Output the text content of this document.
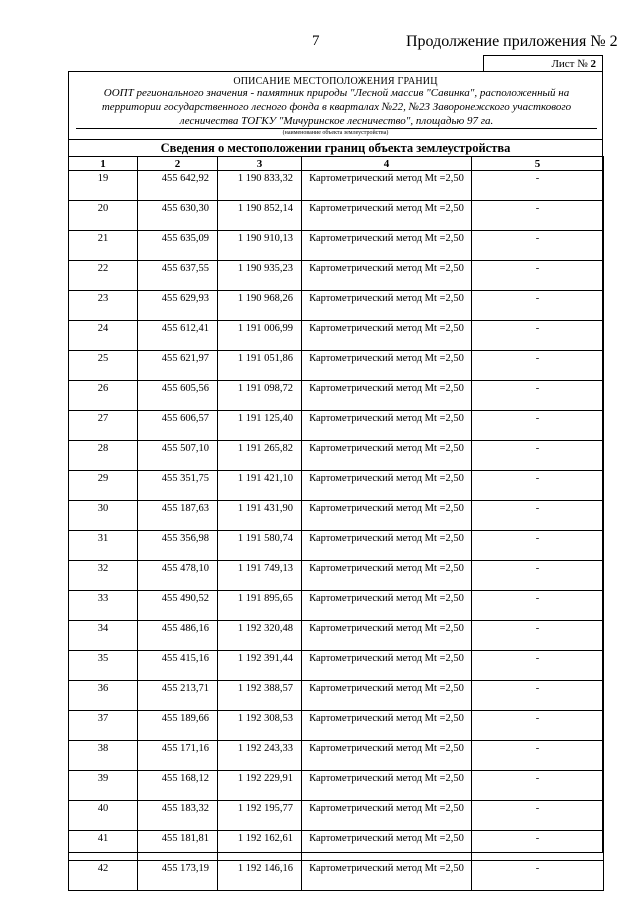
7	Продолжение приложения № 2
Лист № 2
ОПИСАНИЕ МЕСТОПОЛОЖЕНИЯ ГРАНИЦ
ООПТ регионального значения - памятник природы "Лесной массив "Савинка", расположенный на территории государственного лесного фонда в кварталах №22, №23 Заворонежского участкового лесничества ТОГКУ "Мичуринское лесничество", площадью 97 га.
(наименование объекта землеустройства)
Сведения о местоположении границ объекта землеустройства
1	2	3	4	5
19	455 642,92	1 190 833,32	Картометрический метод Mt =2,50	-
20	455 630,30	1 190 852,14	Картометрический метод Mt =2,50	-
21	455 635,09	1 190 910,13	Картометрический метод Mt =2,50	-
22	455 637,55	1 190 935,23	Картометрический метод Mt =2,50	-
23	455 629,93	1 190 968,26	Картометрический метод Mt =2,50	-
24	455 612,41	1 191 006,99	Картометрический метод Mt =2,50	-
25	455 621,97	1 191 051,86	Картометрический метод Mt =2,50	-
26	455 605,56	1 191 098,72	Картометрический метод Mt =2,50	-
27	455 606,57	1 191 125,40	Картометрический метод Mt =2,50	-
28	455 507,10	1 191 265,82	Картометрический метод Mt =2,50	-
29	455 351,75	1 191 421,10	Картометрический метод Mt =2,50	-
30	455 187,63	1 191 431,90	Картометрический метод Mt =2,50	-
31	455 356,98	1 191 580,74	Картометрический метод Mt =2,50	-
32	455 478,10	1 191 749,13	Картометрический метод Mt =2,50	-
33	455 490,52	1 191 895,65	Картометрический метод Mt =2,50	-
34	455 486,16	1 192 320,48	Картометрический метод Mt =2,50	-
35	455 415,16	1 192 391,44	Картометрический метод Mt =2,50	-
36	455 213,71	1 192 388,57	Картометрический метод Mt =2,50	-
37	455 189,66	1 192 308,53	Картометрический метод Mt =2,50	-
38	455 171,16	1 192 243,33	Картометрический метод Mt =2,50	-
39	455 168,12	1 192 229,91	Картометрический метод Mt =2,50	-
40	455 183,32	1 192 195,77	Картометрический метод Mt =2,50	-
41	455 181,81	1 192 162,61	Картометрический метод Mt =2,50	-
42	455 173,19	1 192 146,16	Картометрический метод Mt =2,50	-
